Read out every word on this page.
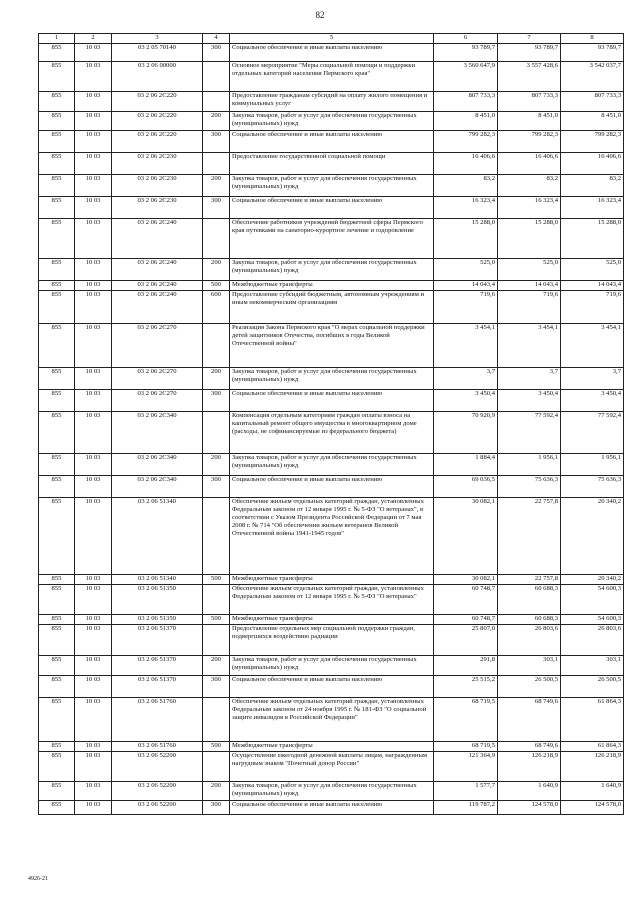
82
1	2	3	4	5	6	7	8
855	10 03	03 2 05 70140	300	Социальное обеспечение и иные выплаты населению	93 789,7	93 789,7	93 789,7
855	10 03	03 2 06 00000		Основное мероприятие "Меры социальной помощи и поддержки отдельных категорий населения Пермского края"	3 560 647,9	3 557 428,6	3 542 037,7
855	10 03	03 2 06 2С220		Предоставление гражданам субсидий на оплату жилого помещения и коммунальных услуг	807 733,3	807 733,3	807 733,3
855	10 03	03 2 06 2С220	200	Закупка товаров, работ и услуг для обеспечения государственных (муниципальных) нужд	8 451,0	8 451,0	8 451,0
855	10 03	03 2 06 2С220	300	Социальное обеспечение и иные выплаты населению	799 282,3	799 282,3	799 282,3
855	10 03	03 2 06 2С230		Предоставление государственной социальной помощи	16 406,6	16 406,6	16 406,6
855	10 03	03 2 06 2С230	200	Закупка товаров, работ и услуг для обеспечения государственных (муниципальных) нужд	83,2	83,2	83,2
855	10 03	03 2 06 2С230	300	Социальное обеспечение и иные выплаты населению	16 323,4	16 323,4	16 323,4
855	10 03	03 2 06 2С240		Обеспечение работников учреждений бюджетной сферы Пермского края путевками на санаторно-курортное лечение и оздоровление	15 288,0	15 288,0	15 288,0
855	10 03	03 2 06 2С240	200	Закупка товаров, работ и услуг для обеспечения государственных (муниципальных) нужд	525,0	525,0	525,0
855	10 03	03 2 06 2С240	500	Межбюджетные трансферты	14 043,4	14 043,4	14 043,4
855	10 03	03 2 06 2С240	600	Предоставление субсидий бюджетным, автономным учреждениям и иным некоммерческим организациям	719,6	719,6	719,6
855	10 03	03 2 06 2С270		Реализация Закона Пермского края "О мерах социальной поддержки детей защитников Отечества, погибших в годы Великой Отечественной войны"	3 454,1	3 454,1	3 454,1
855	10 03	03 2 06 2С270	200	Закупка товаров, работ и услуг для обеспечения государственных (муниципальных) нужд	3,7	3,7	3,7
855	10 03	03 2 06 2С270	300	Социальное обеспечение и иные выплаты населению	3 450,4	3 450,4	3 450,4
855	10 03	03 2 06 2С340		Компенсация отдельным категориям граждан оплаты взноса на капитальный ремонт общего имущества в многоквартирном доме (расходы, не софинансируемые из федерального бюджета)	70 920,9	77 592,4	77 592,4
855	10 03	03 2 06 2С340	200	Закупка товаров, работ и услуг для обеспечения государственных (муниципальных) нужд	1 884,4	1 956,1	1 956,1
855	10 03	03 2 06 2С340	300	Социальное обеспечение и иные выплаты населению	69 036,5	75 636,3	75 636,3
855	10 03	03 2 06 51340		Обеспечение жильем отдельных категорий граждан, установленных Федеральным законом от 12 января 1995 г. № 5-ФЗ "О ветеранах", в соответствии с Указом Президента Российской Федерации от 7 мая 2008 г. № 714 "Об обеспечении жильем ветеранов Великой Отечественной войны 1941-1945 годов"	30 082,1	22 757,8	20 340,2
855	10 03	03 2 06 51340	500	Межбюджетные трансферты	30 082,1	22 757,8	20 340,2
855	10 03	03 2 06 51350		Обеспечение жильем отдельных категорий граждан, установленных Федеральным законом от 12 января 1995 г. № 5-ФЗ "О ветеранах"	60 748,7	60 688,3	54 600,3
855	10 03	03 2 06 51350	500	Межбюджетные трансферты	60 748,7	60 688,3	54 600,3
855	10 03	03 2 06 51370		Предоставление отдельных мер социальной поддержки граждан, подвергшихся воздействию радиации	25 807,0	26 803,6	26 803,6
855	10 03	03 2 06 51370	200	Закупка товаров, работ и услуг для обеспечения государственных (муниципальных) нужд	291,8	303,1	303,1
855	10 03	03 2 06 51370	300	Социальное обеспечение и иные выплаты населению	25 515,2	26 500,5	26 500,5
855	10 03	03 2 06 51760		Обеспечение жильем отдельных категорий граждан, установленных Федеральным законом от 24 ноября 1995 г. № 181-ФЗ "О социальной защите инвалидов в Российской Федерации"	68 719,5	68 749,6	61 864,3
855	10 03	03 2 06 51760	500	Межбюджетные трансферты	68 719,5	68 749,6	61 864,3
855	10 03	03 2 06 52200		Осуществление ежегодной денежной выплаты лицам, награжденным нагрудным знаком "Почетный донор России"	121 364,9	126 218,9	126 218,9
855	10 03	03 2 06 52200	200	Закупка товаров, работ и услуг для обеспечения государственных (муниципальных) нужд	1 577,7	1 640,9	1 640,9
855	10 03	03 2 06 52200	300	Социальное обеспечение и иные выплаты населению	119 787,2	124 578,0	124 578,0
4926-21
